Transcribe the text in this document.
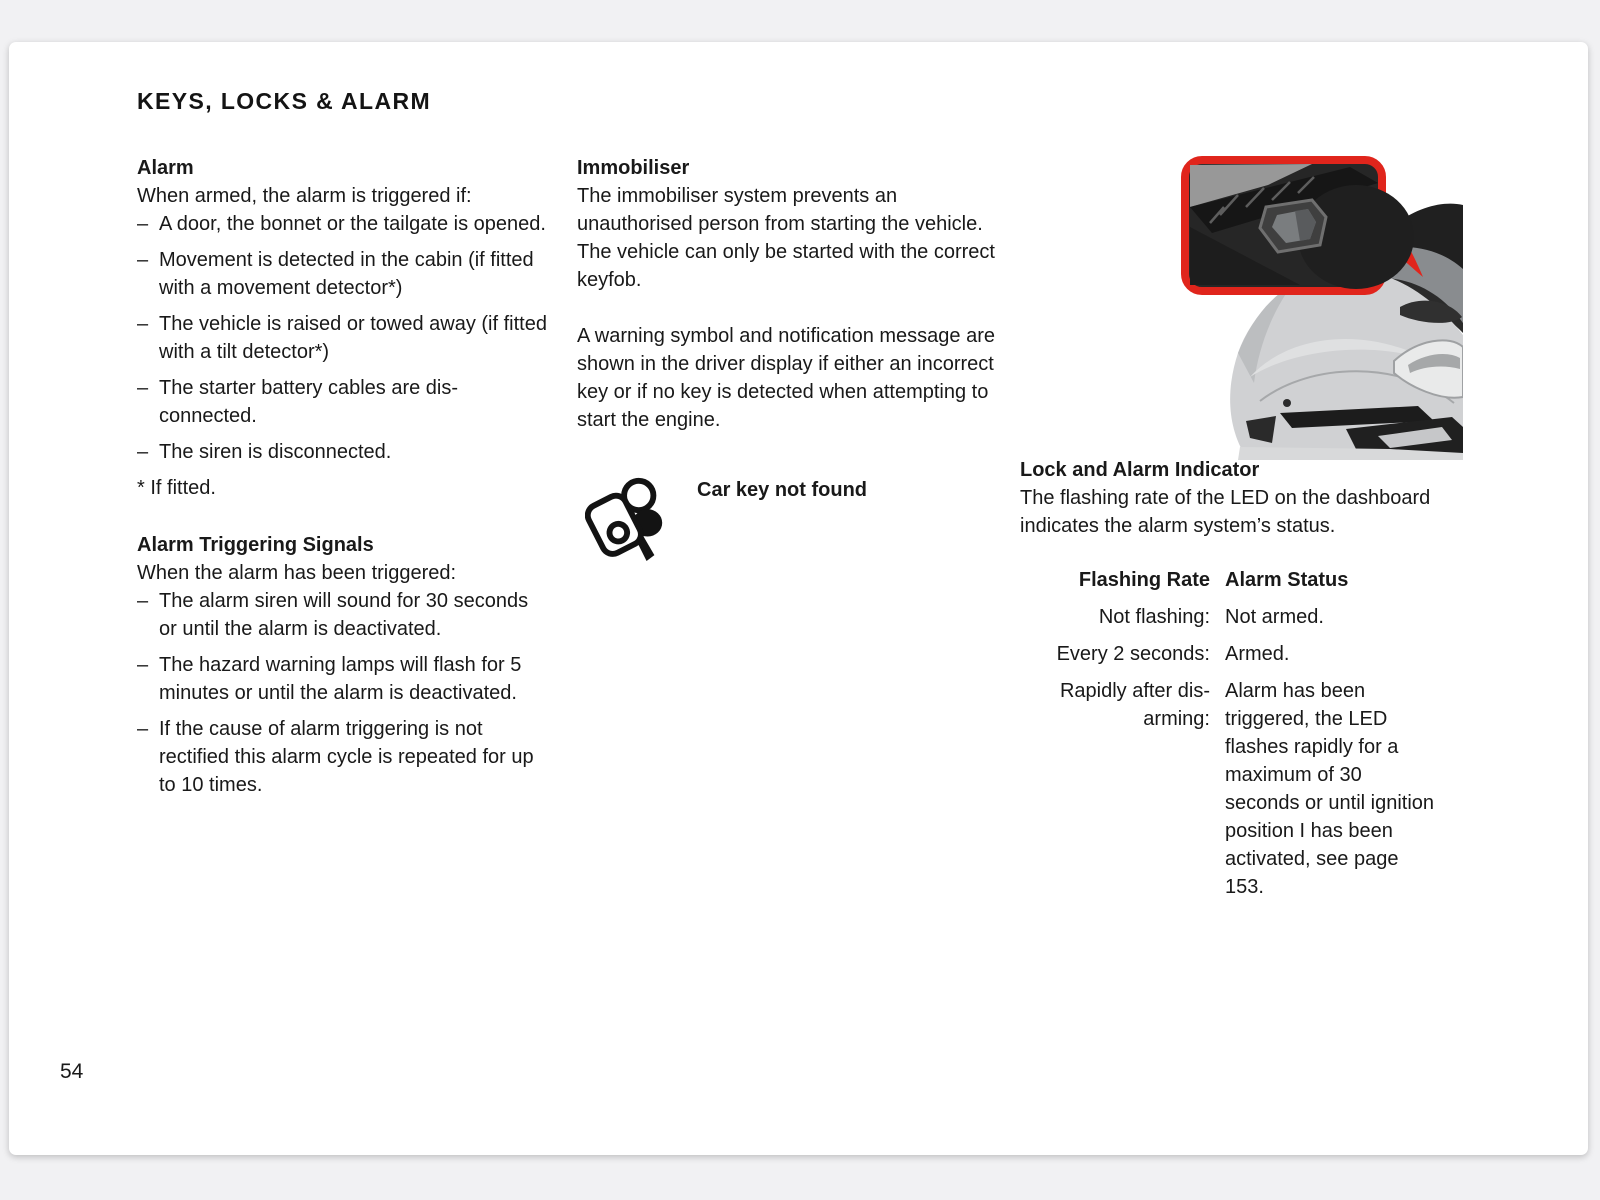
KEYS, LOCKS & ALARM
Alarm

When armed, the alarm is triggered if:

– A door, the bonnet or the tailgate is opened.
– Movement is detected in the cabin (if fitted with a movement detector*)
– The vehicle is raised or towed away (if fitted with a tilt detector*)
– The starter battery cables are dis-connected.
– The siren is disconnected.
* If fitted.
Alarm Triggering Signals

When the alarm has been triggered:

– The alarm siren will sound for 30 seconds or until the alarm is deactivated.
– The hazard warning lamps will flash for 5 minutes or until the alarm is deactivated.
– If the cause of alarm triggering is not rectified this alarm cycle is repeated for up to 10 times.
Immobiliser

The immobiliser system prevents an unauthorised person from starting the vehicle. The vehicle can only be started with the correct keyfob.

A warning symbol and notification message are shown in the driver display if either an incorrect key or if no key is detected when attempting to start the engine.

Car key not found
Lock and Alarm Indicator

The flashing rate of the LED on the dashboard indicates the alarm system’s status.

Flashing Rate Alarm Status
Not flashing: Not armed.
Every 2 seconds: Armed.
Rapidly after dis-arming:
Alarm has been triggered, the LED flashes rapidly for a maximum of 30 seconds or until ignition position I has been activated, see page 153.
54
